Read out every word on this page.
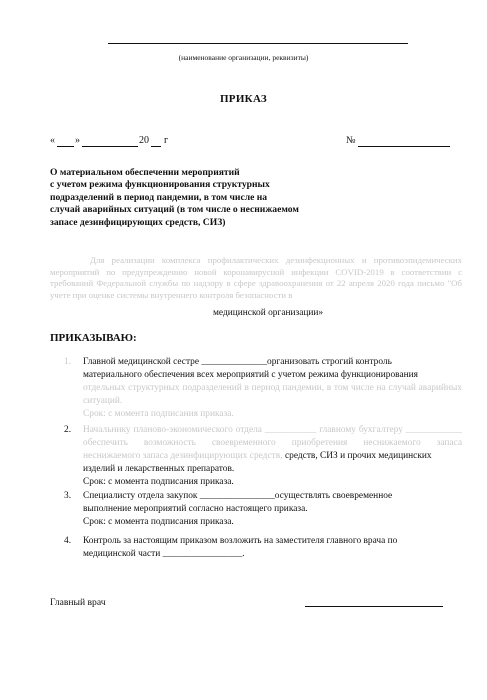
(наименование организации, реквизиты)
ПРИКАЗ
« »	20 г	№
О материальном обеспечении мероприятий
с учетом режима функционирования структурных
подразделений в период пандемии, в том числе на
случай аварийных ситуаций (в том числе о неснижаемом
запасе дезинфицирующих средств, СИЗ)
Для реализации комплекса профилактических дезинфекционных и противоэпидемических мероприятий по предупреждению новой коронавирусной инфекции COVID-2019 в соответствии с требований Федеральной службы по надзору в сфере здравоохранения от 22 апреля 2020 года письмо "Об учете при оценке системы внутреннего контроля безопасности в
медицинской организации»
ПРИКАЗЫВАЮ:
1. Главной медицинской сестре ______________организовать строгий контроль
материального обеспечения всех мероприятий с учетом режима функционирования
отдельных структурных подразделений в период пандемии, в том числе на случай аварийных ситуаций.
Срок: с момента подписания приказа.
2. Начальнику планово-экономического отдела ___________ главному бухгалтеру ____________ обеспечить возможность своевременного приобретения неснижаемого запаса
неснижаемого запаса дезинфицирующих средств, средств, СИЗ и прочих медицинских
изделий и лекарственных препаратов.
Срок: с момента подписания приказа.
3. Специалисту отдела закупок ________________осуществлять своевременное
выполнение мероприятий согласно настоящего приказа.
Срок: с момента подписания приказа.
4. Контроль за настоящим приказом возложить на заместителя главного врача по
медицинской части _________________.
Главный врач
